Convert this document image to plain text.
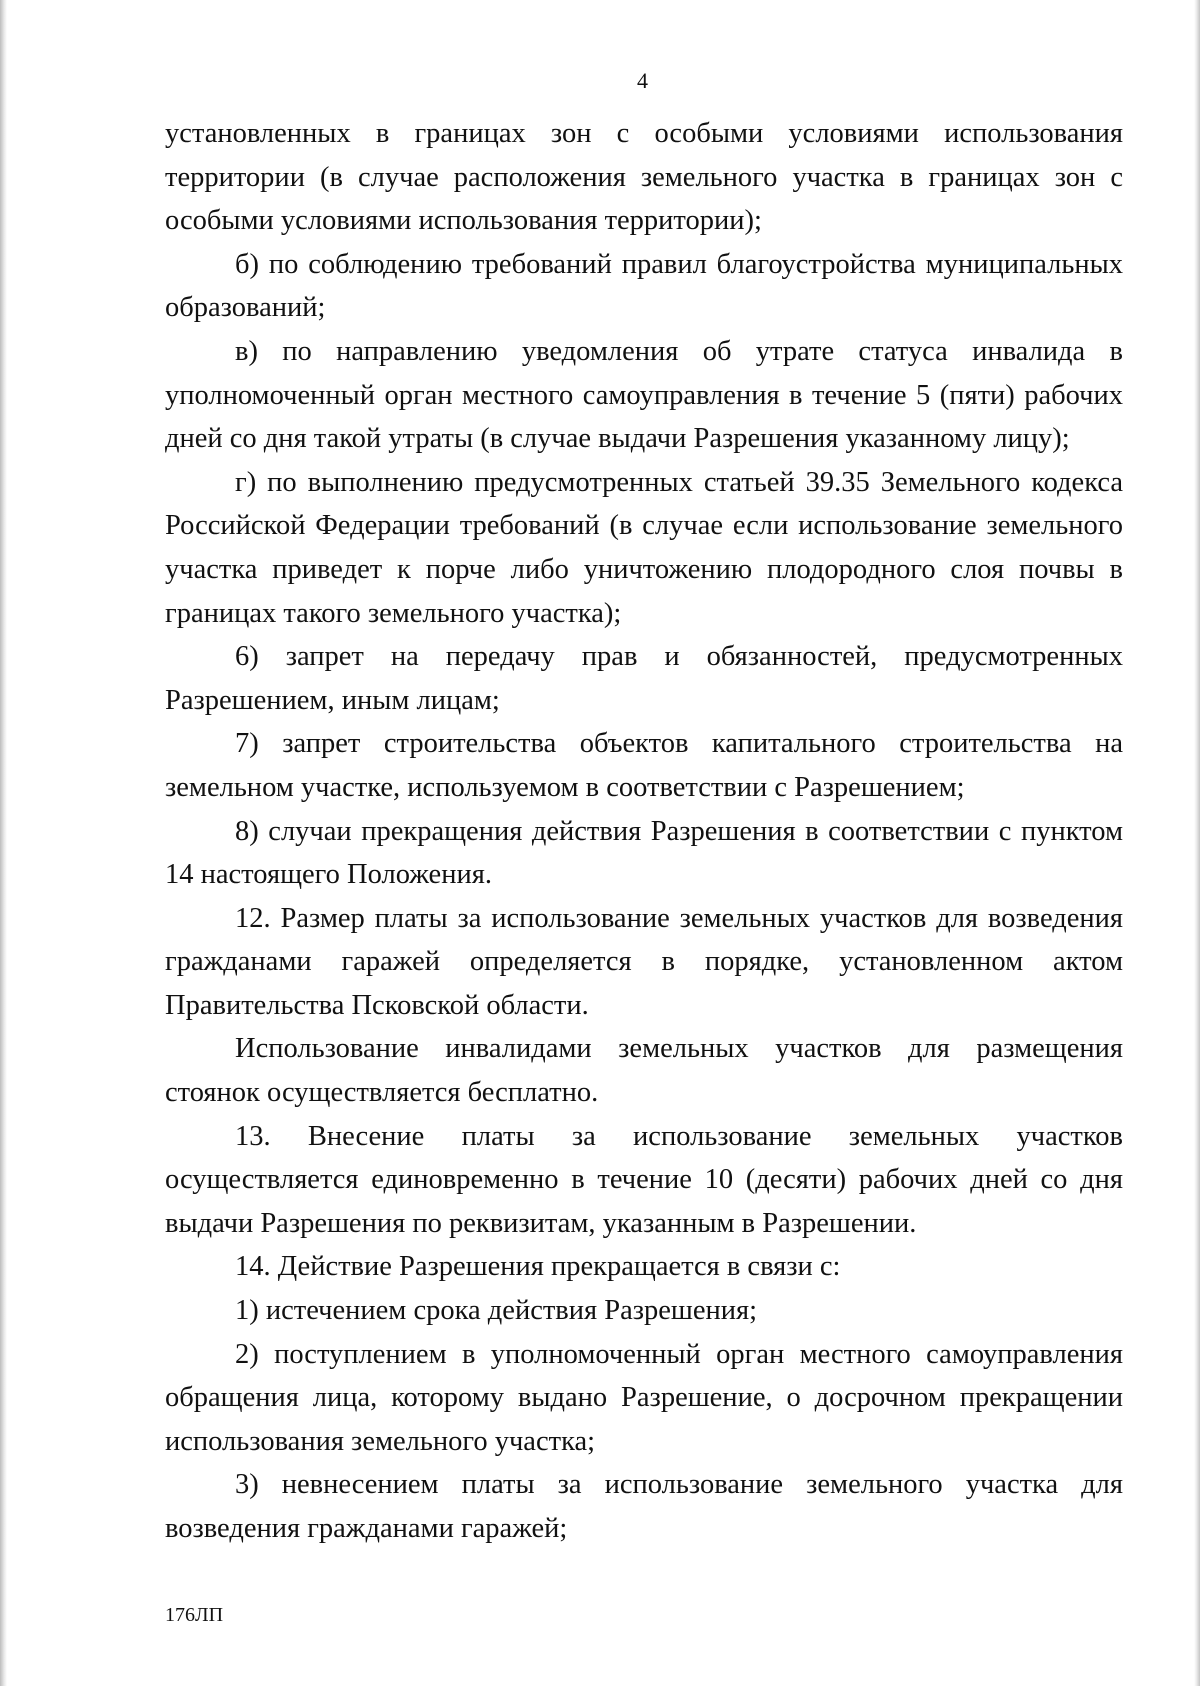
4

установленных в границах зон с особыми условиями использования территории (в случае расположения земельного участка в границах зон с особыми условиями использования территории);

б) по соблюдению требований правил благоустройства муниципальных образований;

в) по направлению уведомления об утрате статуса инвалида в уполномоченный орган местного самоуправления в течение 5 (пяти) рабочих дней со дня такой утраты (в случае выдачи Разрешения указанному лицу);

г) по выполнению предусмотренных статьей 39.35 Земельного кодекса Российской Федерации требований (в случае если использование земельного участка приведет к порче либо уничтожению плодородного слоя почвы в границах такого земельного участка);

6) запрет на передачу прав и обязанностей, предусмотренных Разрешением, иным лицам;

7) запрет строительства объектов капитального строительства на земельном участке, используемом в соответствии с Разрешением;

8) случаи прекращения действия Разрешения в соответствии с пунктом 14 настоящего Положения.

12. Размер платы за использование земельных участков для возведения гражданами гаражей определяется в порядке, установленном актом Правительства Псковской области.

Использование инвалидами земельных участков для размещения стоянок осуществляется бесплатно.

13. Внесение платы за использование земельных участков осуществляется единовременно в течение 10 (десяти) рабочих дней со дня выдачи Разрешения по реквизитам, указанным в Разрешении.

14. Действие Разрешения прекращается в связи с:

1) истечением срока действия Разрешения;

2) поступлением в уполномоченный орган местного самоуправления обращения лица, которому выдано Разрешение, о досрочном прекращении использования земельного участка;

3) невнесением платы за использование земельного участка для возведения гражданами гаражей;

176ЛП
